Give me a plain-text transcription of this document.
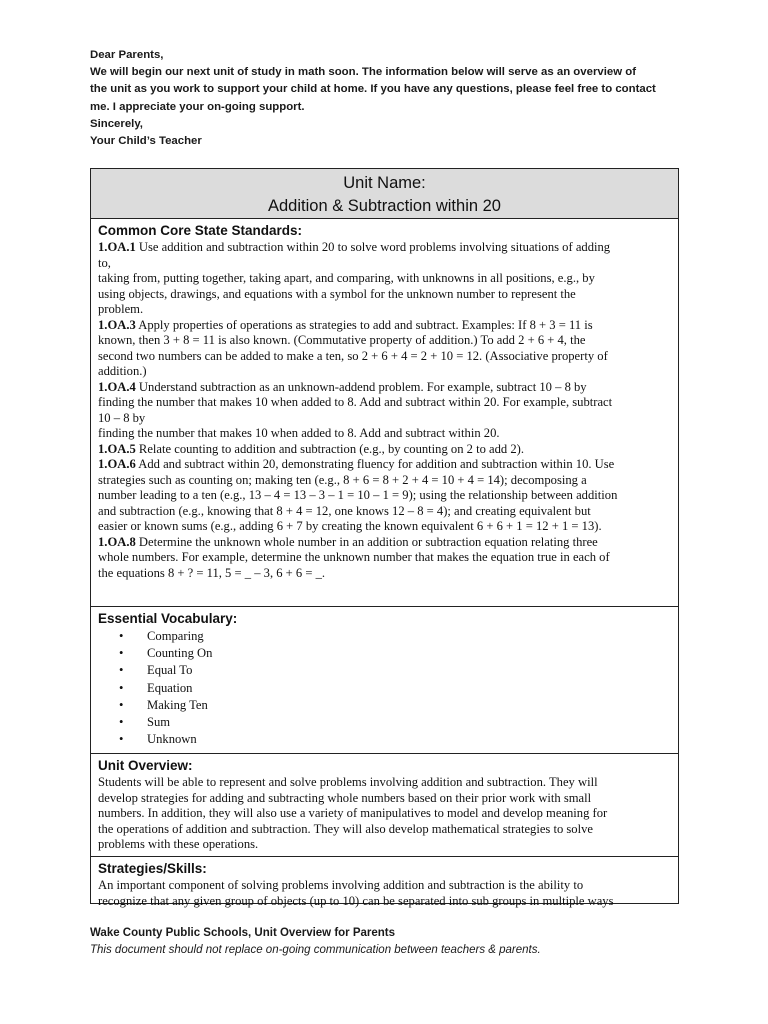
Dear Parents,

We will begin our next unit of study in math soon. The information below will serve as an overview of

the unit as you work to support your child at home. If you have any questions, please feel free to contact

me. I appreciate your on-going support.

Sincerely,

Your Child’s Teacher

Unit Name:
Addition & Subtraction within 20
Common Core State Standards:
1.OA.1 Use addition and subtraction within 20 to solve word problems involving situations of adding
to,
taking from, putting together, taking apart, and comparing, with unknowns in all positions, e.g., by
using objects, drawings, and equations with a symbol for the unknown number to represent the
problem.
1.OA.3 Apply properties of operations as strategies to add and subtract. Examples: If 8 + 3 = 11 is
known, then 3 + 8 = 11 is also known. (Commutative property of addition.) To add 2 + 6 + 4, the
second two numbers can be added to make a ten, so 2 + 6 + 4 = 2 + 10 = 12. (Associative property of
addition.)
1.OA.4 Understand subtraction as an unknown-addend problem. For example, subtract 10 – 8 by
finding the number that makes 10 when added to 8. Add and subtract within 20. For example, subtract
10 – 8 by
finding the number that makes 10 when added to 8. Add and subtract within 20.
1.OA.5 Relate counting to addition and subtraction (e.g., by counting on 2 to add 2).
1.OA.6 Add and subtract within 20, demonstrating fluency for addition and subtraction within 10. Use
strategies such as counting on; making ten (e.g., 8 + 6 = 8 + 2 + 4 = 10 + 4 = 14); decomposing a
number leading to a ten (e.g., 13 – 4 = 13 – 3 – 1 = 10 – 1 = 9); using the relationship between addition
and subtraction (e.g., knowing that 8 + 4 = 12, one knows 12 – 8 = 4); and creating equivalent but
easier or known sums (e.g., adding 6 + 7 by creating the known equivalent 6 + 6 + 1 = 12 + 1 = 13).
1.OA.8 Determine the unknown whole number in an addition or subtraction equation relating three
whole numbers. For example, determine the unknown number that makes the equation true in each of
the equations 8 + ? = 11, 5 = _ – 3, 6 + 6 = _.
Essential Vocabulary:
• Comparing
• Counting On
• Equal To
• Equation
• Making Ten
• Sum
• Unknown
Unit Overview:
Students will be able to represent and solve problems involving addition and subtraction. They will
develop strategies for adding and subtracting whole numbers based on their prior work with small
numbers. In addition, they will also use a variety of manipulatives to model and develop meaning for
the operations of addition and subtraction. They will also develop mathematical strategies to solve
problems with these operations.
Strategies/Skills:
An important component of solving problems involving addition and subtraction is the ability to
recognize that any given group of objects (up to 10) can be separated into sub groups in multiple ways
Wake County Public Schools, Unit Overview for Parents
This document should not replace on-going communication between teachers & parents.
